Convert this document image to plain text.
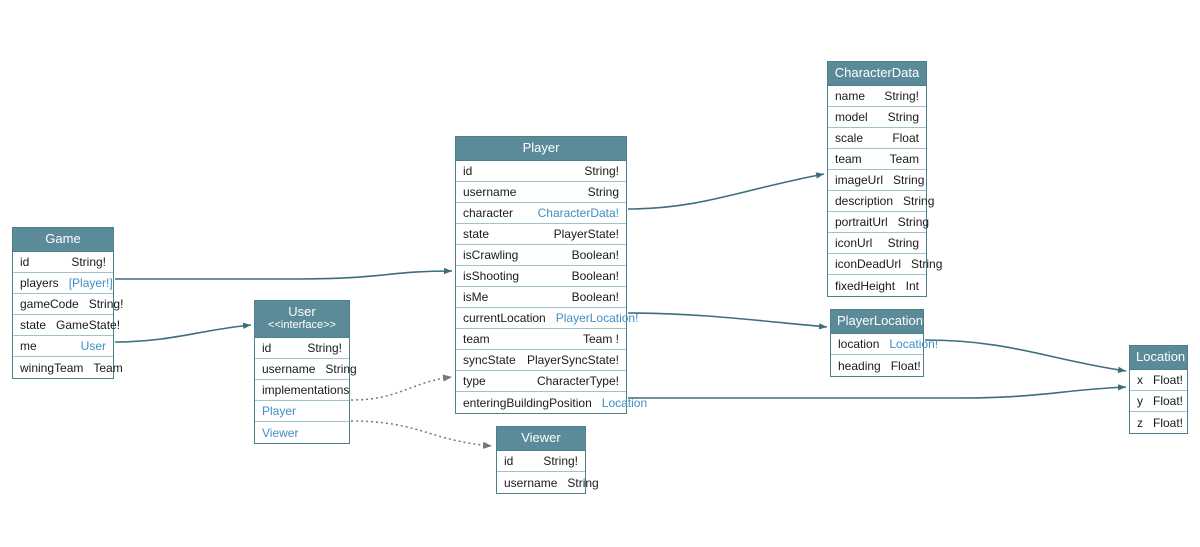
Game
id	String!
players [Player!]
gameCode String!
state GameState!
me	User
winingTeam Team
User
<<interface>>
id	String!
username String
implementations
Player
Viewer
Player
id	String!
username	String
character CharacterData!
state	PlayerState!
isCrawling	Boolean!
isShooting	Boolean!
isMe	Boolean!
currentLocation PlayerLocation!
team	Team !
syncState PlayerSyncState!
type	CharacterType!
enteringBuildingPosition Location
Viewer
id String!
username String
CharacterData
name String!
model String
scale Float
team Team
imageUrl String
description String
portraitUrl String
iconUrl String
iconDeadUrl String
fixedHeight Int
PlayerLocation
location Location!
heading Float!
Location
x Float!
y Float!
z Float!
